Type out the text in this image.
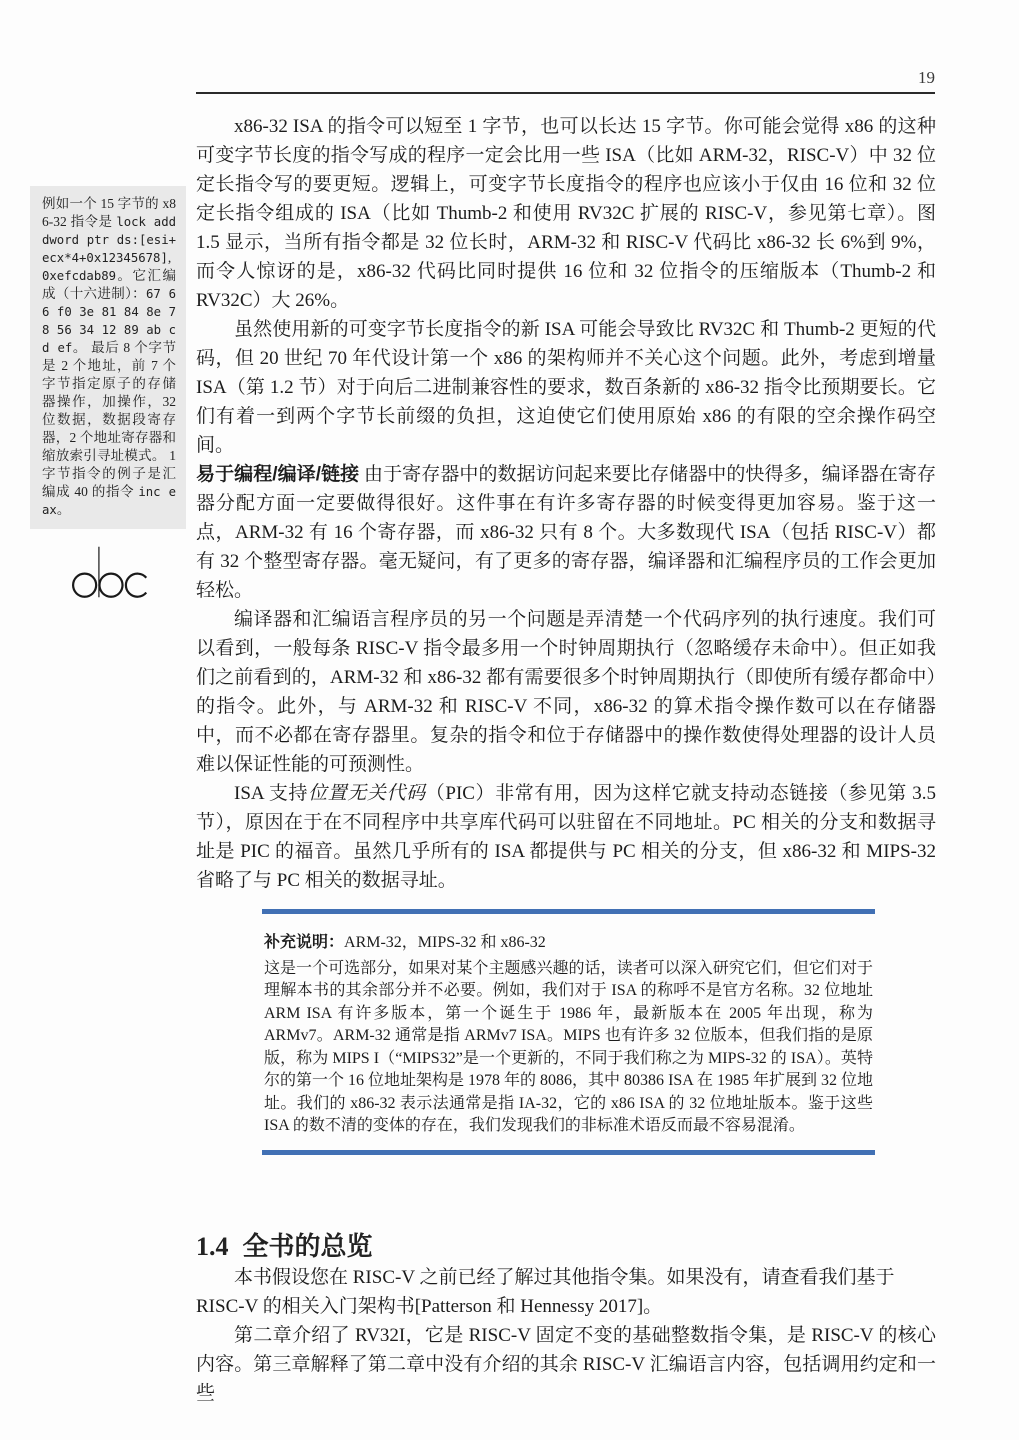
19
例如一个 15 字节的 x86-32 指令是 lock add dword ptr ds:[esi+ecx*4+0x12345678], 0xefcdab89。它汇编成（十六进制）：67 66 f0 3e 81 84 8e 78 56 34 12 89 ab cd ef。 最后 8 个字节是 2 个地址，前 7 个字节指定原子的存储器操作，加操作，32 位数据，数据段寄存器，2 个地址寄存器和缩放索引寻址模式。 1 字节指令的例子是汇编成 40 的指令 inc eax。

x86-32 ISA 的指令可以短至 1 字节，也可以长达 15 字节。你可能会觉得 x86 的这种可变字节长度的指令写成的程序一定会比用一些 ISA（比如 ARM-32，RISC-V）中 32 位定长指令写的要更短。逻辑上，可变字节长度指令的程序也应该小于仅由 16 位和 32 位定长指令组成的 ISA（比如 Thumb-2 和使用 RV32C 扩展的 RISC-V，参见第七章）。图 1.5 显示，当所有指令都是 32 位长时，ARM-32 和 RISC-V 代码比 x86-32 长 6%到 9%，而令人惊讶的是，x86-32 代码比同时提供 16 位和 32 位指令的压缩版本（Thumb-2 和 RV32C）大 26%。

虽然使用新的可变字节长度指令的新 ISA 可能会导致比 RV32C 和 Thumb-2 更短的代码，但 20 世纪 70 年代设计第一个 x86 的架构师并不关心这个问题。此外，考虑到增量 ISA（第 1.2 节）对于向后二进制兼容性的要求，数百条新的 x86-32 指令比预期要长。它们有着一到两个字节长前缀的负担，这迫使它们使用原始 x86 的有限的空余操作码空间。

易于编程/编译/链接 由于寄存器中的数据访问起来要比存储器中的快得多，编译器在寄存器分配方面一定要做得很好。这件事在有许多寄存器的时候变得更加容易。鉴于这一点，ARM-32 有 16 个寄存器，而 x86-32 只有 8 个。大多数现代 ISA（包括 RISC-V）都有 32 个整型寄存器。毫无疑问，有了更多的寄存器，编译器和汇编程序员的工作会更加轻松。

编译器和汇编语言程序员的另一个问题是弄清楚一个代码序列的执行速度。我们可以看到，一般每条 RISC-V 指令最多用一个时钟周期执行（忽略缓存未命中）。但正如我们之前看到的，ARM-32 和 x86-32 都有需要很多个时钟周期执行（即使所有缓存都命中）的指令。此外，与 ARM-32 和 RISC-V 不同，x86-32 的算术指令操作数可以在存储器中，而不必都在寄存器里。复杂的指令和位于存储器中的操作数使得处理器的设计人员难以保证性能的可预测性。

ISA 支持位置无关代码（PIC）非常有用，因为这样它就支持动态链接（参见第 3.5 节），原因在于在不同程序中共享库代码可以驻留在不同地址。PC 相关的分支和数据寻址是 PIC 的福音。虽然几乎所有的 ISA 都提供与 PC 相关的分支，但 x86-32 和 MIPS-32 省略了与 PC 相关的数据寻址。

补充说明：ARM-32，MIPS-32 和 x86-32

这是一个可选部分，如果对某个主题感兴趣的话，读者可以深入研究它们，但它们对于理解本书的其余部分并不必要。例如，我们对于 ISA 的称呼不是官方名称。32 位地址 ARM ISA 有许多版本，第一个诞生于 1986 年，最新版本在 2005 年出现，称为 ARMv7。ARM-32 通常是指 ARMv7 ISA。MIPS 也有许多 32 位版本，但我们指的是原版，称为 MIPS I（“MIPS32”是一个更新的，不同于我们称之为 MIPS-32 的 ISA）。英特尔的第一个 16 位地址架构是 1978 年的 8086，其中 80386 ISA 在 1985 年扩展到 32 位地址。我们的 x86-32 表示法通常是指 IA-32，它的 x86 ISA 的 32 位地址版本。鉴于这些 ISA 的数不清的变体的存在，我们发现我们的非标准术语反而最不容易混淆。

1.4 全书的总览

本书假设您在 RISC-V 之前已经了解过其他指令集。如果没有，请查看我们基于
RISC-V 的相关入门架构书[Patterson 和 Hennessy 2017]。

第二章介绍了 RV32I，它是 RISC-V 固定不变的基础整数指令集，是 RISC-V 的核心内容。第三章解释了第二章中没有介绍的其余 RISC-V 汇编语言内容，包括调用约定和一些
